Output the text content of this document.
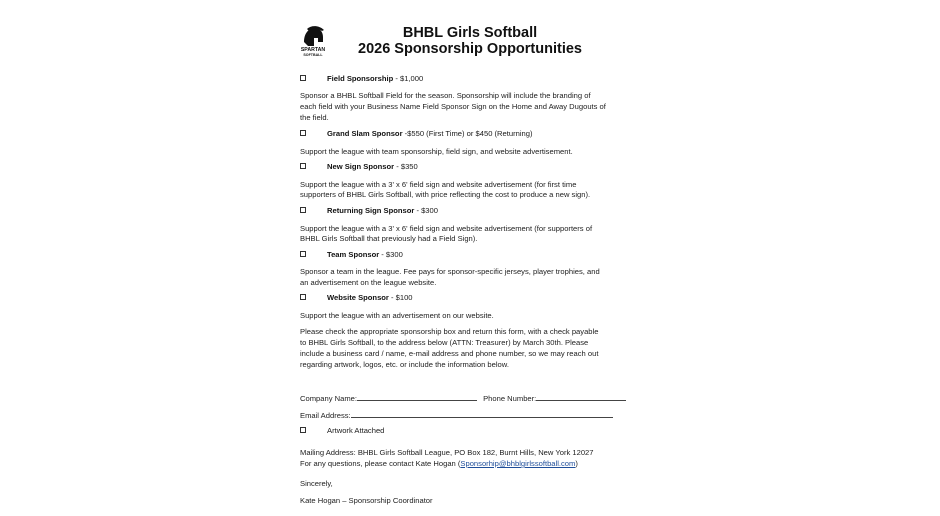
SPARTAN
SOFTBALL
BHBL Girls Softball
2026 Sponsorship Opportunities
Field Sponsorship - $1,000
Sponsor a BHBL Softball Field for the season. Sponsorship will include the branding of
each field with your Business Name Field Sponsor Sign on the Home and Away Dugouts of
the field.
Grand Slam Sponsor -$550 (First Time) or $450 (Returning)
Support the league with team sponsorship, field sign, and website advertisement.
New Sign Sponsor - $350
Support the league with a 3' x 6' field sign and website advertisement (for first time
supporters of BHBL Girls Softball, with price reflecting the cost to produce a new sign).
Returning Sign Sponsor - $300
Support the league with a 3' x 6' field sign and website advertisement (for supporters of
BHBL Girls Softball that previously had a Field Sign).
Team Sponsor - $300
Sponsor a team in the league. Fee pays for sponsor-specific jerseys, player trophies, and
an advertisement on the league website.
Website Sponsor - $100
Support the league with an advertisement on our website.
Please check the appropriate sponsorship box and return this form, with a check payable
to BHBL Girls Softball, to the address below (ATTN: Treasurer) by March 30th. Please
include a business card / name, e-mail address and phone number, so we may reach out
regarding artwork, logos, etc. or include the information below.
Company Name:	Phone Number:
Email Address:
Artwork Attached
Mailing Address: BHBL Girls Softball League, PO Box 182, Burnt Hills, New York 12027
For any questions, please contact Kate Hogan (Sponsorhip@bhblgirlssoftball.com)
Sincerely,
Kate Hogan – Sponsorship Coordinator
